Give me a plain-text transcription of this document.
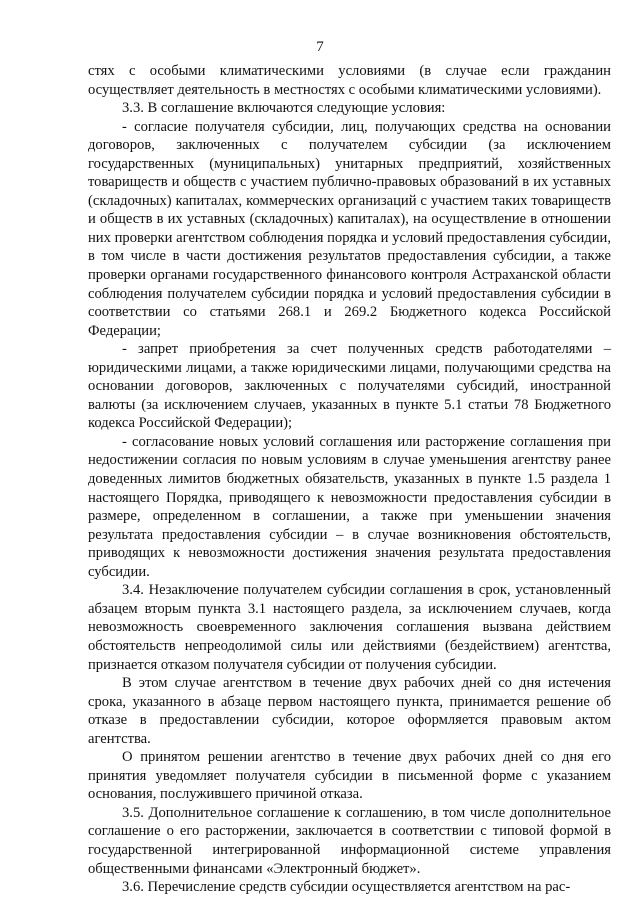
7

стях с особыми климатическими условиями (в случае если гражданин осуществляет деятельность в местностях с особыми климатическими условиями).

3.3. В соглашение включаются следующие условия:

- согласие получателя субсидии, лиц, получающих средства на основании договоров, заключенных с получателем субсидии (за исключением государственных (муниципальных) унитарных предприятий, хозяйственных товариществ и обществ с участием публично-правовых образований в их уставных (складочных) капиталах, коммерческих организаций с участием таких товариществ и обществ в их уставных (складочных) капиталах), на осуществление в отношении них проверки агентством соблюдения порядка и условий предоставления субсидии, в том числе в части достижения результатов предоставления субсидии, а также проверки органами государственного финансового контроля Астраханской области соблюдения получателем субсидии порядка и условий предоставления субсидии в соответствии со статьями 268.1 и 269.2 Бюджетного кодекса Российской Федерации;

- запрет приобретения за счет полученных средств работодателями – юридическими лицами, а также юридическими лицами, получающими средства на основании договоров, заключенных с получателями субсидий, иностранной валюты (за исключением случаев, указанных в пункте 5.1 статьи 78 Бюджетного кодекса Российской Федерации);

- согласование новых условий соглашения или расторжение соглашения при недостижении согласия по новым условиям в случае уменьшения агентству ранее доведенных лимитов бюджетных обязательств, указанных в пункте 1.5 раздела 1 настоящего Порядка, приводящего к невозможности предоставления субсидии в размере, определенном в соглашении, а также при уменьшении значения результата предоставления субсидии – в случае возникновения обстоятельств, приводящих к невозможности достижения значения результата предоставления субсидии.

3.4. Незаключение получателем субсидии соглашения в срок, установленный абзацем вторым пункта 3.1 настоящего раздела, за исключением случаев, когда невозможность своевременного заключения соглашения вызвана действием обстоятельств непреодолимой силы или действиями (бездействием) агентства, признается отказом получателя субсидии от получения субсидии.

В этом случае агентством в течение двух рабочих дней со дня истечения срока, указанного в абзаце первом настоящего пункта, принимается решение об отказе в предоставлении субсидии, которое оформляется правовым актом агентства.

О принятом решении агентство в течение двух рабочих дней со дня его принятия уведомляет получателя субсидии в письменной форме с указанием основания, послужившего причиной отказа.

3.5. Дополнительное соглашение к соглашению, в том числе дополнительное соглашение о его расторжении, заключается в соответствии с типовой формой в государственной интегрированной информационной системе управления общественными финансами «Электронный бюджет».

3.6. Перечисление средств субсидии осуществляется агентством на рас-
